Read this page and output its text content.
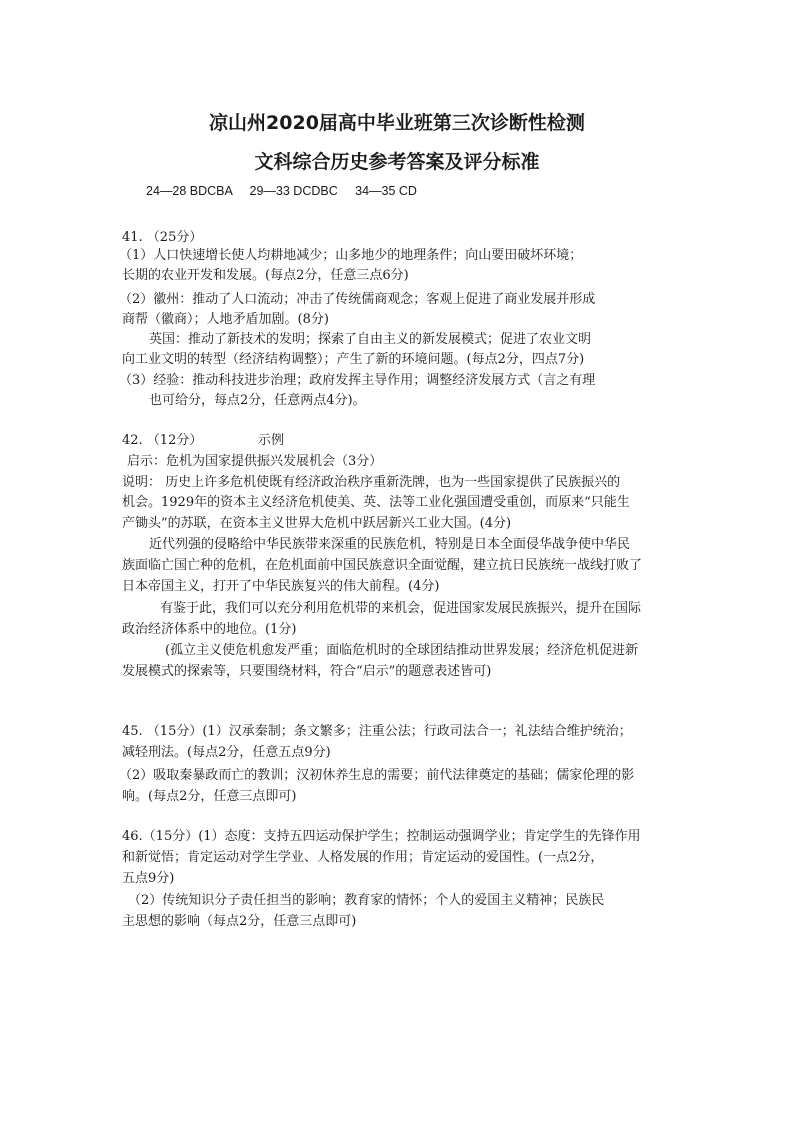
凉山州2020届高中毕业班第三次诊断性检测
文科综合历史参考答案及评分标准
24—28 BDCBA     29—33 DCDBC     34—35 CD
41. （25分）
（1）人口快速增长使人均耕地减少；山多地少的地理条件；向山要田破坏环境；
长期的农业开发和发展。(每点2分，任意三点6分)
（2）徽州：推动了人口流动；冲击了传统儒商观念；客观上促进了商业发展并形成
商帮（徽商）；人地矛盾加剧。(8分)
英国：推动了新技术的发明；探索了自由主义的新发展模式；促进了农业文明
向工业文明的转型（经济结构调整）；产生了新的环境问题。(每点2分，四点7分)
（3）经验：推动科技进步治理；政府发挥主导作用；调整经济发展方式（言之有理
也可给分，每点2分，任意两点4分)。
42. （12分）	示例
启示：危机为国家提供振兴发展机会（3分）
说明： 历史上许多危机使既有经济政治秩序重新洗牌，也为一些国家提供了民族振兴的
机会。1929年的资本主义经济危机使美、英、法等工业化强国遭受重创，而原来“只能生
产锄头”的苏联，在资本主义世界大危机中跃居新兴工业大国。(4分)
近代列强的侵略给中华民族带来深重的民族危机，特别是日本全面侵华战争使中华民
族面临亡国亡种的危机，在危机面前中国民族意识全面觉醒，建立抗日民族统一战线打败了
日本帝国主义，打开了中华民族复兴的伟大前程。(4分)
有鉴于此，我们可以充分利用危机带的来机会，促进国家发展民族振兴，提升在国际
政治经济体系中的地位。(1分)
(孤立主义使危机愈发严重；面临危机时的全球团结推动世界发展；经济危机促进新
发展模式的探索等，只要围绕材料，符合“启示”的题意表述皆可)
45. （15分）(1）汉承秦制；条文繁多；注重公法；行政司法合一；礼法结合维护统治；
减轻刑法。(每点2分，任意五点9分)
（2）吸取秦暴政而亡的教训；汉初休养生息的需要；前代法律奠定的基础；儒家伦理的影
响。(每点2分，任意三点即可)
46.（15分）(1）态度：支持五四运动保护学生；控制运动强调学业；肯定学生的先锋作用
和新觉悟；肯定运动对学生学业、人格发展的作用；肯定运动的爱国性。(一点2分，
五点9分)
（2）传统知识分子责任担当的影响；教育家的情怀；个人的爱国主义精神；民族民
主思想的影响（每点2分，任意三点即可)
